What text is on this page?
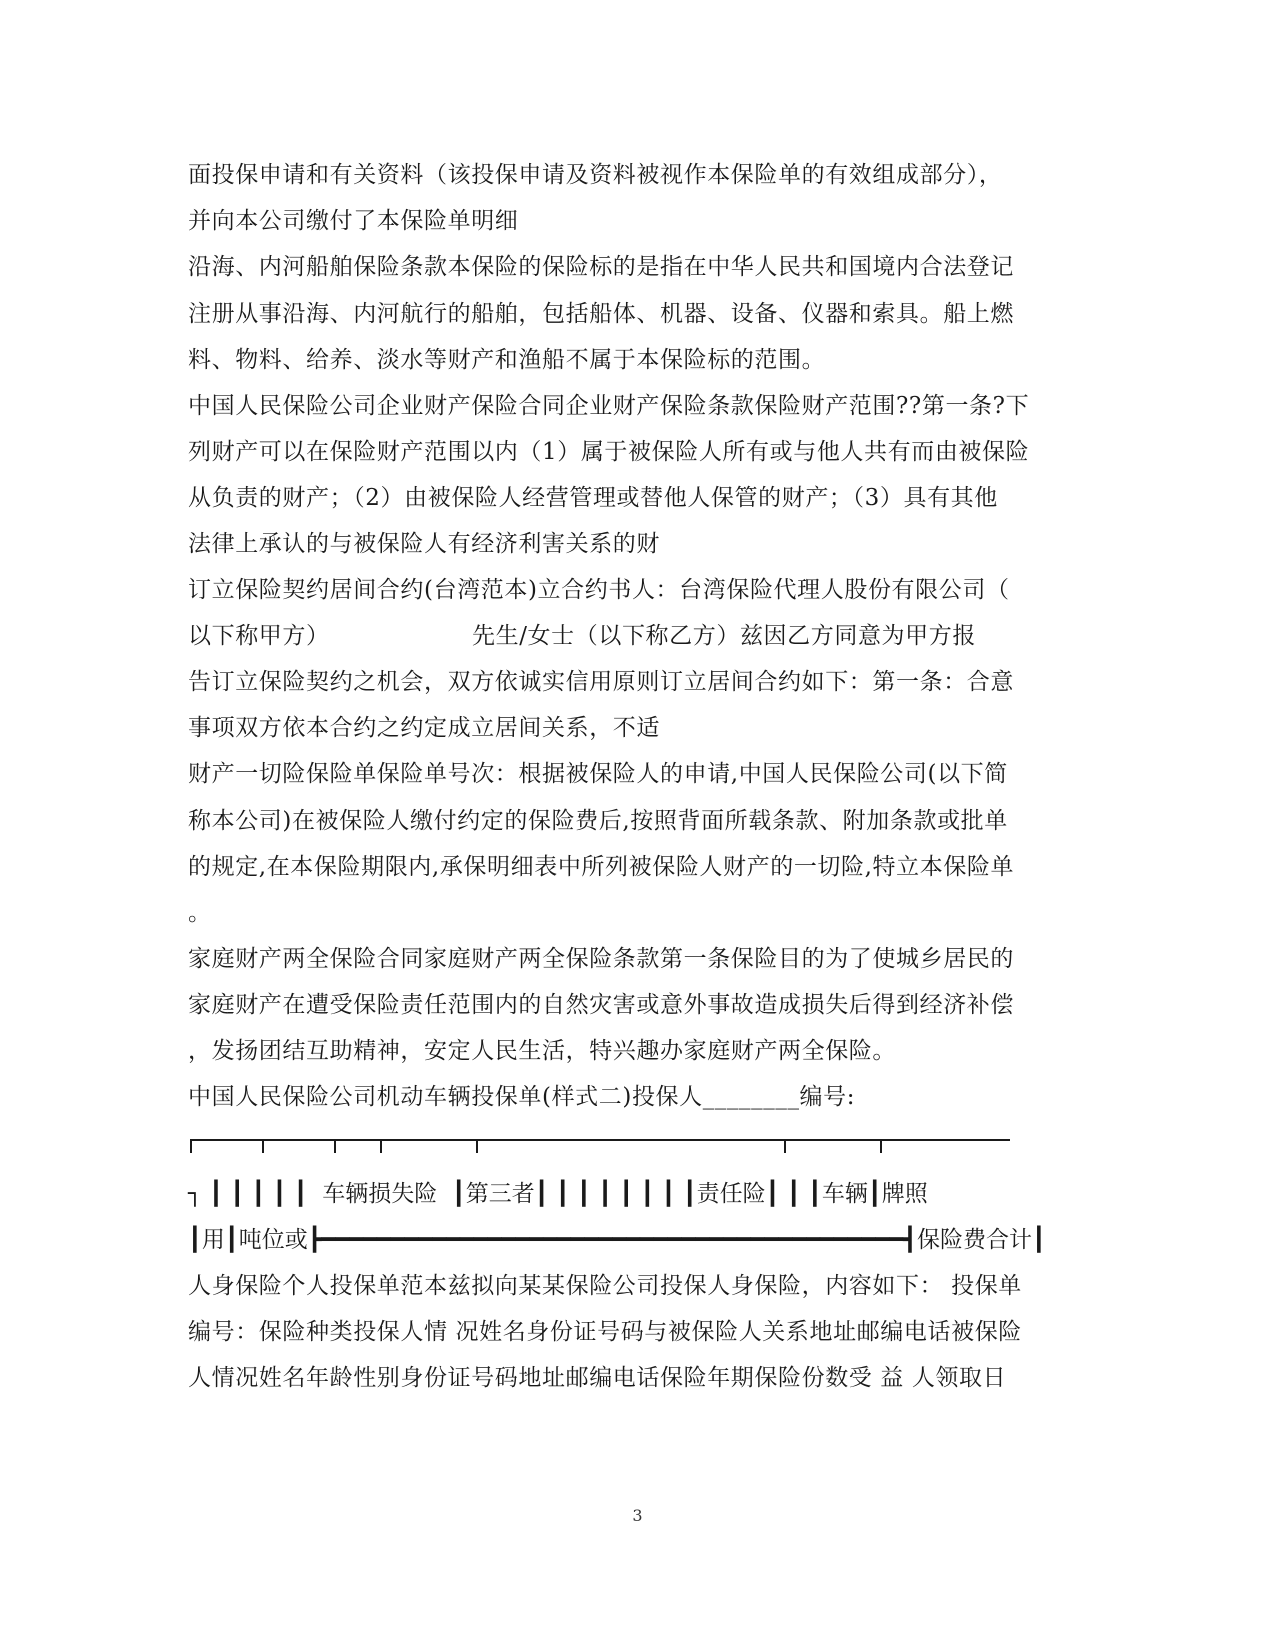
面投保申请和有关资料（该投保申请及资料被视作本保险单的有效组成部分），
并向本公司缴付了本保险单明细
沿海、内河船舶保险条款本保险的保险标的是指在中华人民共和国境内合法登记
注册从事沿海、内河航行的船舶，包括船体、机器、设备、仪器和索具。船上燃
料、物料、给养、淡水等财产和渔船不属于本保险标的范围。
中国人民保险公司企业财产保险合同企业财产保险条款保险财产范围??第一条?下
列财产可以在保险财产范围以内（1）属于被保险人所有或与他人共有而由被保险
从负责的财产；（2）由被保险人经营管理或替他人保管的财产；（3）具有其他
法律上承认的与被保险人有经济利害关系的财
订立保险契约居间合约(台湾范本)立合约书人：台湾保险代理人股份有限公司（
以下称甲方）                  先生/女士（以下称乙方）兹因乙方同意为甲方报
告订立保险契约之机会，双方依诚实信用原则订立居间合约如下：第一条：合意
事项双方依本合约之约定成立居间关系，不适
财产一切险保险单保险单号次：根据被保险人的申请,中国人民保险公司(以下简
称本公司)在被保险人缴付约定的保险费后,按照背面所载条款、附加条款或批单
的规定,在本保险期限内,承保明细表中所列被保险人财产的一切险,特立本保险单
。
家庭财产两全保险合同家庭财产两全保险条款第一条保险目的为了使城乡居民的
家庭财产在遭受保险责任范围内的自然灾害或意外事故造成损失后得到经济补偿
，发扬团结互助精神，安定人民生活，特兴趣办家庭财产两全保险。
中国人民保险公司机动车辆投保单(样式二)投保人________编号:
┐ ┃ ┃ ┃ ┃ ┃  车辆损失险  ┃第三者┃ ┃ ┃ ┃ ┃ ┃ ┃ ┃责任险┃ ┃ ┃车辆┃牌照
┃用┃吨位或┣━━━━━━━━━━━━━━━━━━━━━━━━━━━━━━━━━━━━━━━━━━┫保险费合计┃
人身保险个人投保单范本兹拟向某某保险公司投保人身保险，内容如下： 投保单
编号：保险种类投保人情 况姓名身份证号码与被保险人关系地址邮编电话被保险
人情况姓名年龄性别身份证号码地址邮编电话保险年期保险份数受 益 人领取日
3
